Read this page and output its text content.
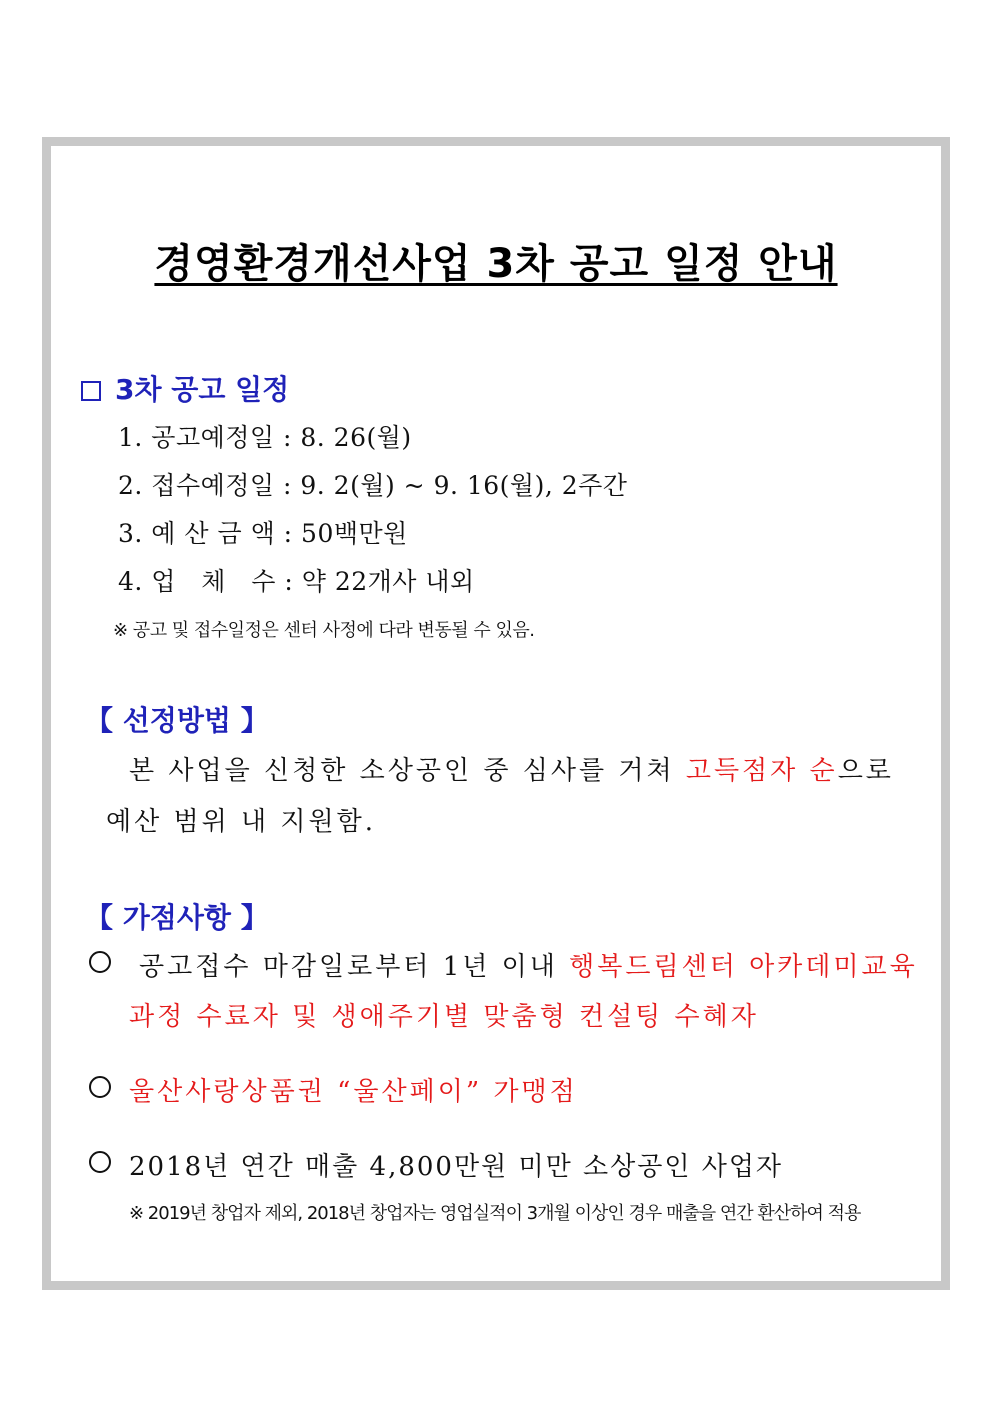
경영환경개선사업 3차 공고 일정 안내
3차 공고 일정
1. 공고예정일 : 8. 26(월)
2. 접수예정일 : 9. 2(월) ~ 9. 16(월), 2주간
3. 예 산 금 액 : 50백만원
4. 업   체   수 : 약 22개사 내외
※ 공고 및 접수일정은 센터 사정에 다라 변동될 수 있음.
【 선정방법 】
본 사업을 신청한 소상공인 중 심사를 거쳐 고득점자 순으로
예산 범위 내 지원함.
【 가점사항 】
공고접수 마감일로부터 1년 이내 행복드림센터 아카데미교육
과정 수료자 및 생애주기별 맞춤형 컨설팅 수혜자
울산사랑상품권 “울산페이” 가맹점
2018년 연간 매출 4,800만원 미만 소상공인 사업자
※ 2019년 창업자 제외, 2018년 창업자는 영업실적이 3개월 이상인 경우 매출을 연간 환산하여 적용
